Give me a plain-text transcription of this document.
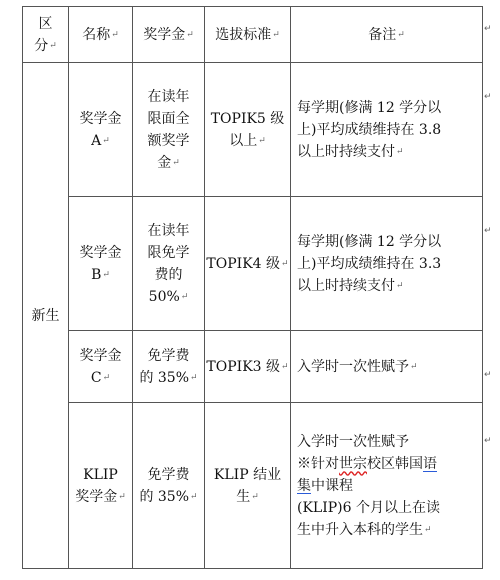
区
分↵	名称↵	奖学金↵	选拔标准↵	备注↵

新生	奖学金
A↵	在读年
限面全
额奖学
金↵	TOPIK5 级
以上↵	每学期(修满 12 学分以
上)平均成绩维持在 3.8
以上时持续支付↵

	奖学金
B↵	在读年
限免学
费的
50%↵	TOPIK4 级↵	每学期(修满 12 学分以
上)平均成绩维持在 3.3
以上时持续支付↵

	奖学金
C↵	免学费
的 35%↵	TOPIK3 级↵	入学时一次性赋予↵

	KLIP
奖学金↵	免学费
的 35%↵	KLIP 结业
生↵	入学时一次性赋予
※针对世宗校区韩国语
集中课程
(KLIP)6 个月以上在读
生中升入本科的学生↵
↵
↵
↵
↵
↵
